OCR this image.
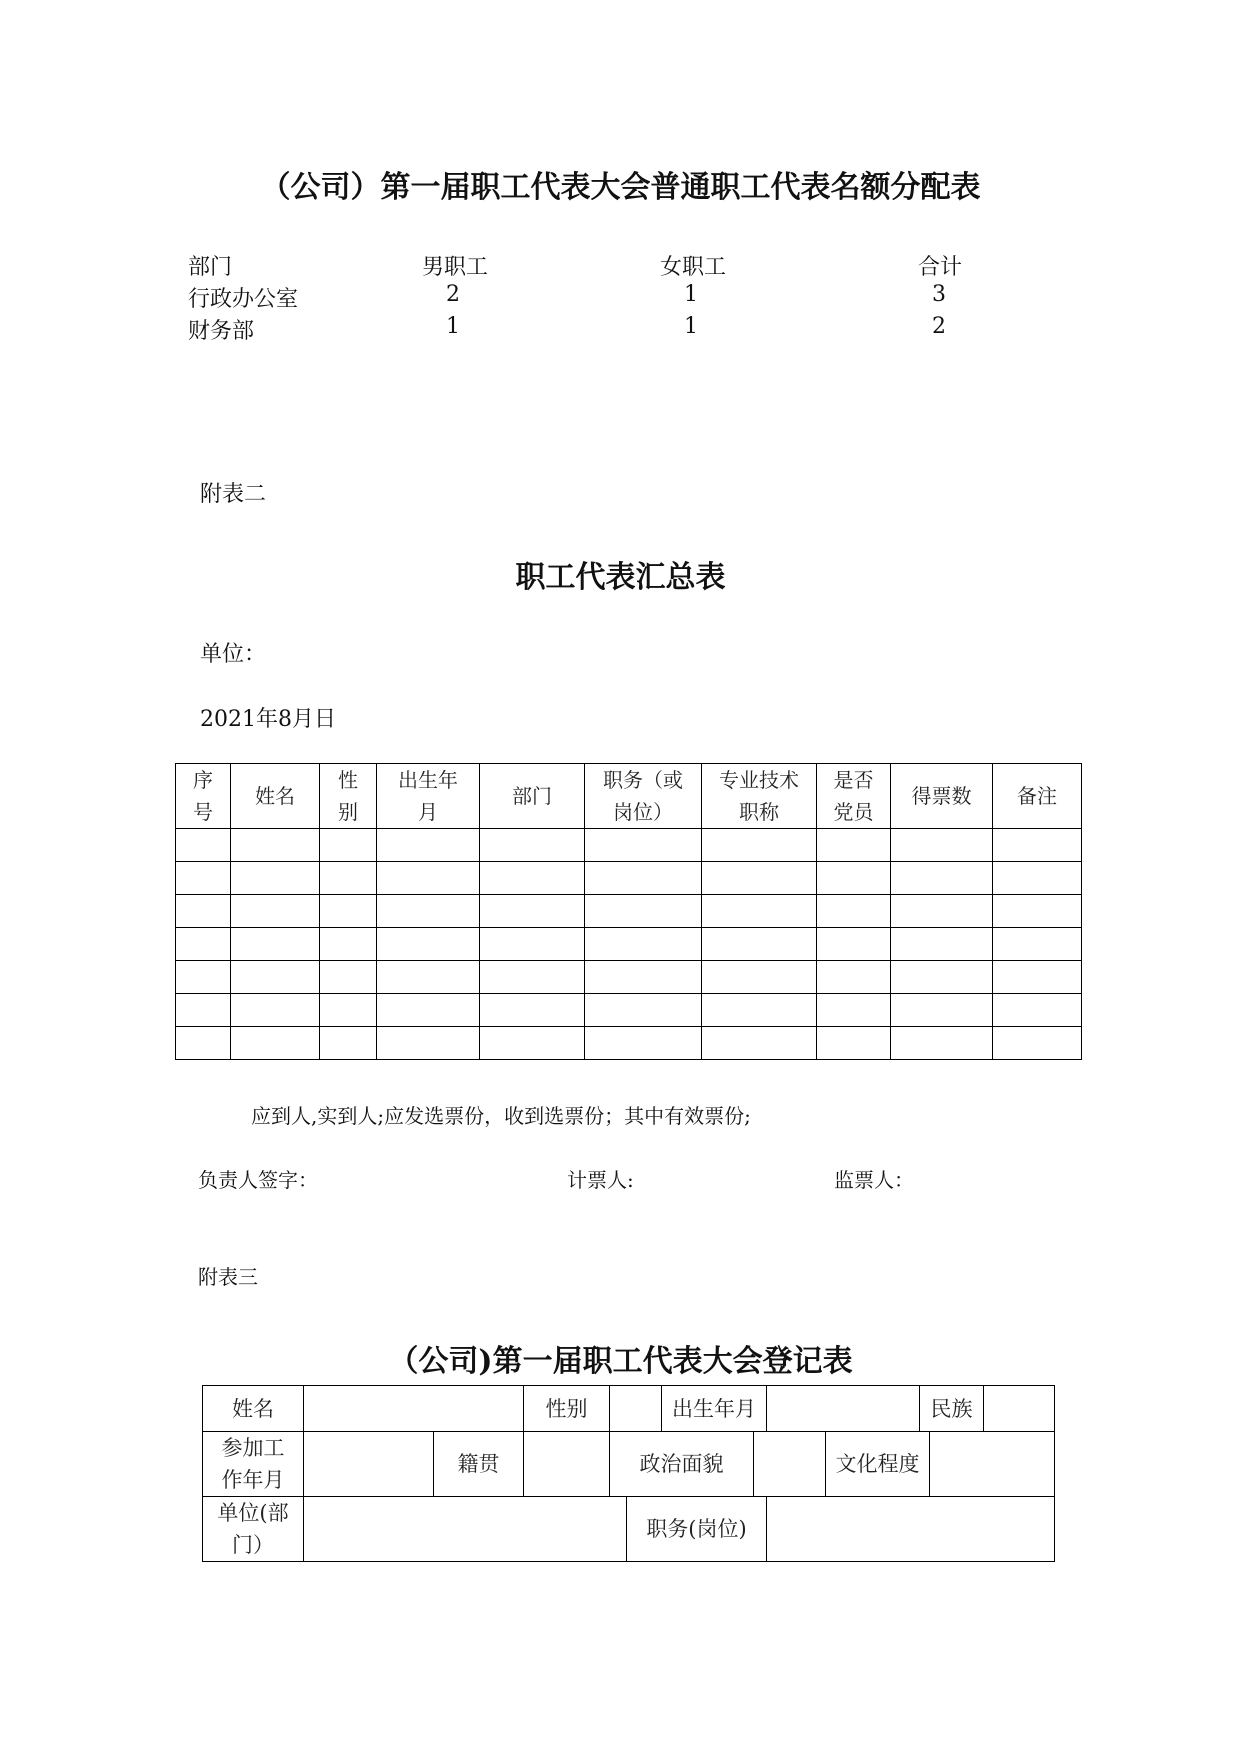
（公司）第一届职工代表大会普通职工代表名额分配表
部门	男职工	女职工	合计
行政办公室	2	1	3
财务部	1	1	2
附表二
职工代表汇总表
单位：
2021年8月日
序号	姓名	性别	出生年月	部门	职务（或岗位）	专业技术职称	是否党员	得票数	备注

应到人,实到人;应发选票份，收到选票份；其中有效票份;
负责人签字：	计票人:	监票人：
附表三
（公司)第一届职工代表大会登记表
姓名			性别			出生年月				民族		
参加工作年月		籍贯		政治面貌					文化程度			
单位(部门）					职务(岗位)							
